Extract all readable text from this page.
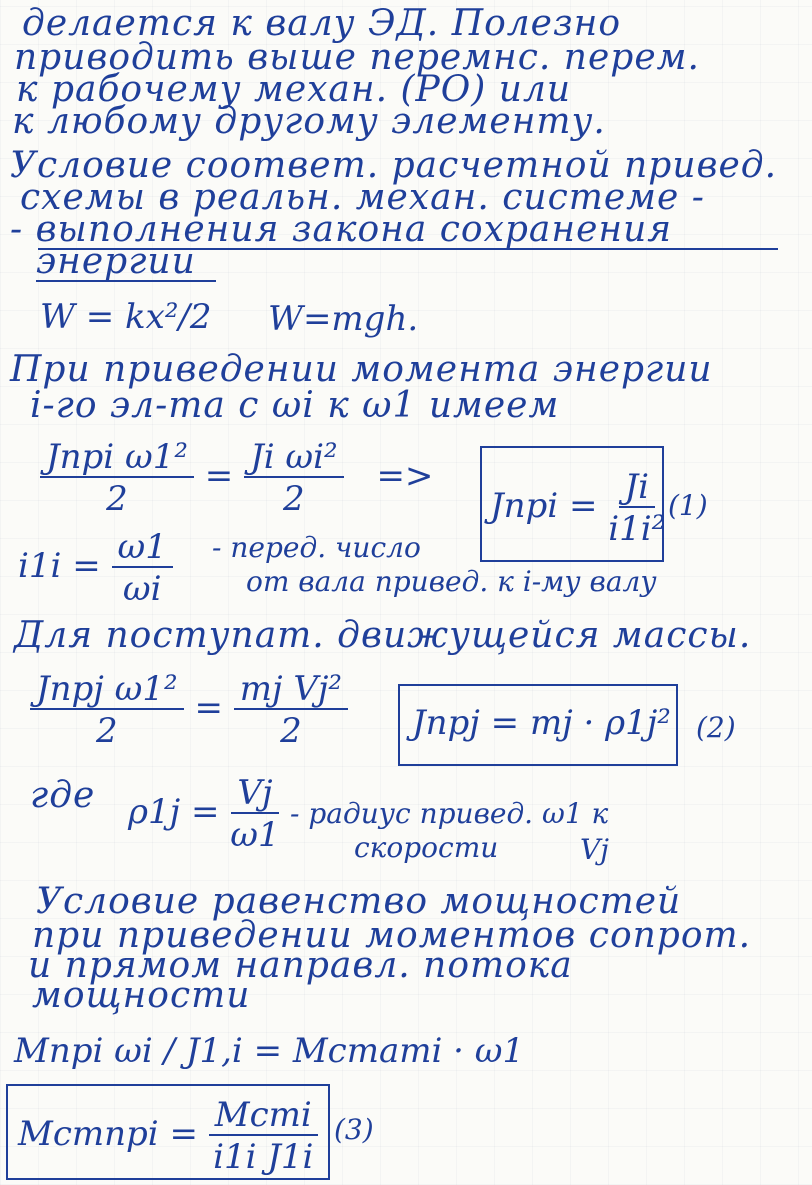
делается к валу ЭД. Полезно
приводить выше перемнс. перем.
к рабочему механ. (РО) или
к любому другому элементу.
Условие соответ. расчетной привед.
схемы в реальн. механ. системе -
- выполнения закона сохранения
энергии
W = kx²/2 W=mgh.
При приведении момента энергии
i-го эл-та с ωi к ω1 имеем
$\frac{\text{Jпрi ω1²}}{2} = \frac{\text{Ji ωi²}}{2}$ =>
Jпрi = $\frac{Ji}{\text{i1i²}} (1)$
$i1i = \frac{\omega 1}{\omega i}$ - перед. число
от вала привед. к i-му валу
Для поступат. движущейся массы.
$\frac{\text{Jпрj ω1²}}{2} = \frac{\text{mj Vj²}}{2}$ Jпрj = mj · ρ1j² (2)
где $\rho 1j = \frac{Vj}{\omega 1}$ - радиус привед. ω1 к
скорости	Vj
Условие равенство мощностей
при приведении моментов сопрот.
и прямом направл. потока
мощности
Mпрi ωi / J1,i = Mстатi · ω1
Mстпрi = $\frac{\text{Mстi}}{\text{i1i J1i}} (3)$
